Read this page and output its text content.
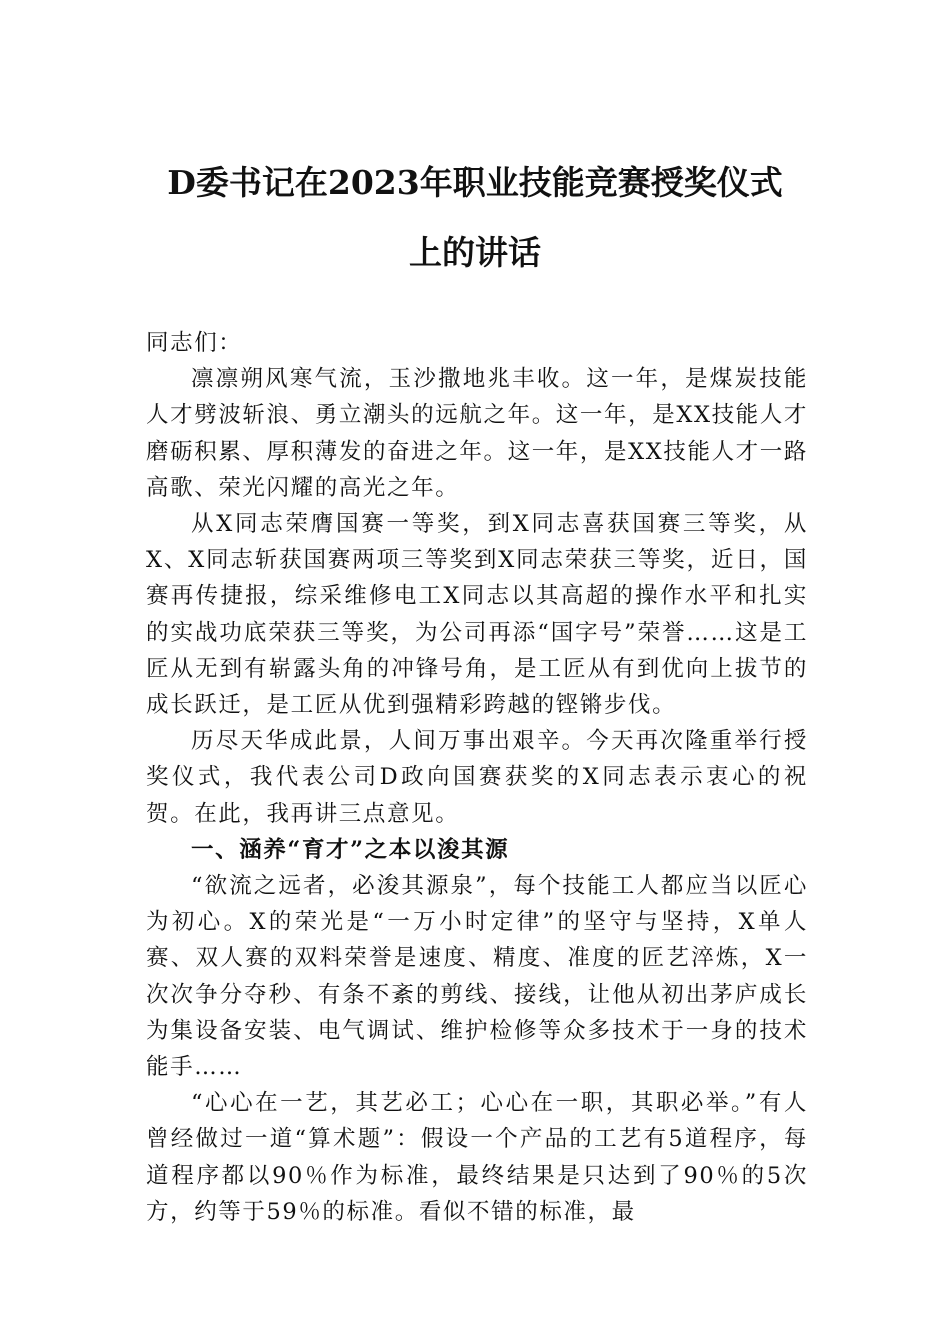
D委书记在2023年职业技能竞赛授奖仪式
上的讲话

同志们：

凛凛朔风寒气流，玉沙撒地兆丰收。这一年，是煤炭技能人才劈波斩浪、勇立潮头的远航之年。这一年，是XX技能人才磨砺积累、厚积薄发的奋进之年。这一年，是XX技能人才一路高歌、荣光闪耀的高光之年。

从X同志荣膺国赛一等奖，到X同志喜获国赛三等奖，从X、X同志斩获国赛两项三等奖到X同志荣获三等奖，近日，国赛再传捷报，综采维修电工X同志以其高超的操作水平和扎实的实战功底荣获三等奖，为公司再添“国字号”荣誉……这是工匠从无到有崭露头角的冲锋号角，是工匠从有到优向上拔节的成长跃迁，是工匠从优到强精彩跨越的铿锵步伐。

历尽天华成此景，人间万事出艰辛。今天再次隆重举行授奖仪式，我代表公司D政向国赛获奖的X同志表示衷心的祝贺。在此，我再讲三点意见。

一、涵养“育才”之本以浚其源

“欲流之远者，必浚其源泉”，每个技能工人都应当以匠心为初心。X的荣光是“一万小时定律”的坚守与坚持，X单人赛、双人赛的双料荣誉是速度、精度、准度的匠艺淬炼，X一次次争分夺秒、有条不紊的剪线、接线，让他从初出茅庐成长为集设备安装、电气调试、维护检修等众多技术于一身的技术能手……

“心心在一艺，其艺必工；心心在一职，其职必举。”有人曾经做过一道“算术题”：假设一个产品的工艺有5道程序，每道程序都以90％作为标准，最终结果是只达到了90％的5次方，约等于59％的标准。看似不错的标准，最
